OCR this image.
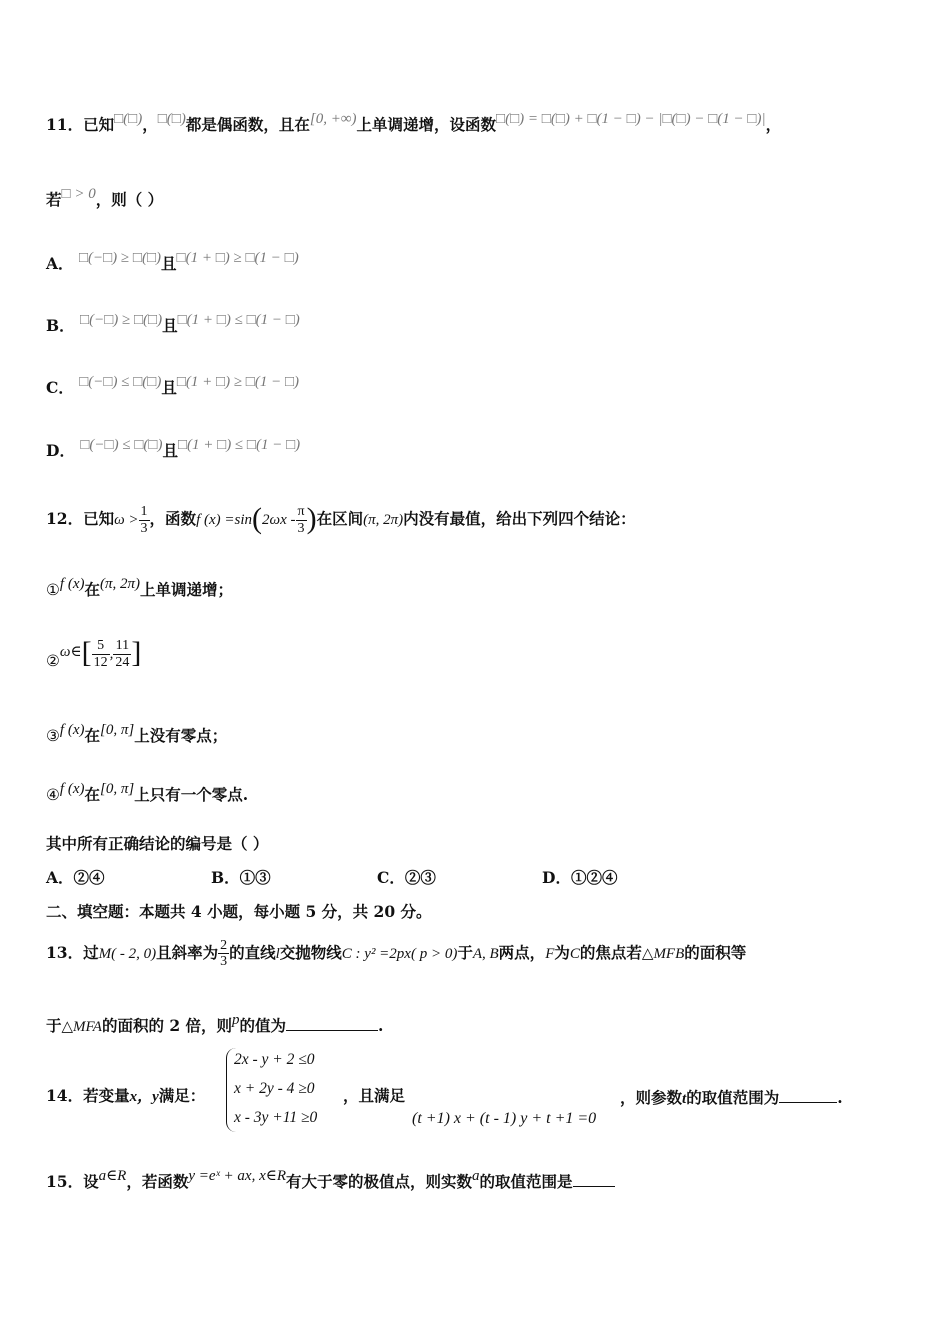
11．已知□(□)，□(□)都是偶函数，且在[0, +∞)上单调递增，设函数□(□) = □(□) + □(1 − □) − |□(□) − □(1 − □)|，
若□ > 0，则（ ）
A． □(−□) ≥ □(□)且□(1 + □) ≥ □(1 − □)
B． □(−□) ≥ □(□)且□(1 + □) ≤ □(1 − □)
C． □(−□) ≤ □(□)且□(1 + □) ≥ □(1 − □)
D． □(−□) ≤ □(□)且□(1 + □) ≤ □(1 − □)
12．已知$\omega > \frac{1}{3}$ ，函数f $(x) =\sin(2\omega x - \frac{\pi}{3}$ )在区间(π, 2π)内没有最值，给出下列四个结论：
①f (x)在(π, 2π)上单调递增；
②ω∈[ $\frac{5}{12}$ , $\frac{11}{24}$ ]
③f (x)在[0, π]上没有零点；
④f (x)在[0, π]上只有一个零点.
其中所有正确结论的编号是（ ）
A．②④	B．①③	C．②③	D．①②④
二、填空题：本题共 4 小题，每小题 5 分，共 20 分。
13．过M( - 2, 0)且斜率为 $\frac{2}{3}$ 的直线l交抛物线C : y² =2px( p > 0)于A, B两点，F为C的焦点若△MFB的面积等
于△MFA的面积的 2 倍，则p的值为	.
14．若变量x，y满足：
2x - y + 2 ≤0
x + 2y - 4 ≥0
x - 3y +11 ≥0
，且满足
(t +1) x + (t - 1) y + t +1 =0
，则参数t的取值范围为	.
15．设a∈R，若函数y =eˣ + ax, x∈R有大于零的极值点，则实数a的取值范围是
